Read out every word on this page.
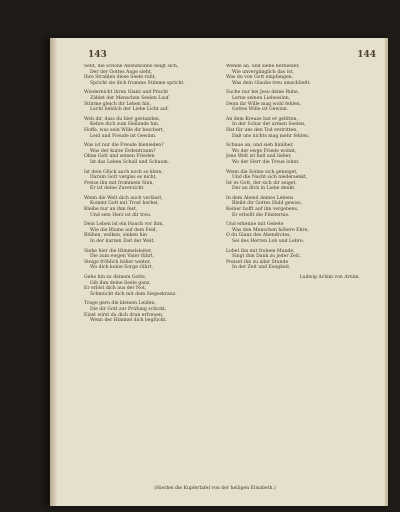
143	144
Seht, die schöne Abendsonne neigt sich,
Der der Gottes Auge sieht,
Ihre Strahlen diese Seele ruht,
Spricht sie dich fromme Stimme spricht.
Wiedernicht ihren Glanz und Pracht
Zählet der Menschen Seelen Lauf
Stürme gleich ihr Leben hin,
Lacht lieblich der Liebe Licht auf.
Weh dir, dass du hier gestanden,
Kehre dich zum Heilande hin,
Hoffe, was sein Wille dir beschert,
Leid und Freude ist Gewinn.
Was ist nur die Freude hienieden?
Was der kurze Erdentraum?
Ohne Gott und seinen Frieden
Ist das Leben Schall und Schaum.
Ist dein Glück auch noch so klein,
Darum Gott vergiss es nicht,
Preise ihn mit frommem Sinn,
Er ist deine Zuversicht.
Wenn die Welt dich auch verlässt,
Kommt Gott mit Trost herbei,
Bleibe nur an ihm fest,
Und sein Herz ist dir treu.
Dein Leben ist ein Hauch vor ihm,
Wie die Blume auf dem Feld,
Blühen, welken, sinken hin
In der kurzen Zeit der Welt.
Siehe hier die Himmelsleiter,
Die zum ewgen Vater führt,
Steige fröhlich höher weiter,
Wo dich keine Sorge rührt.
Gehe hin zu deinem Gotte,
Gib ihm deine Seele ganz,
Er erlöst dich aus der Not,
Schmückt dich mit dem Siegeskranz.
Trage gern die kleinen Leiden,
Die dir Gott zur Prüfung schickt,
Einst wirst du dich dran erfreuen,
Wenn der Himmel dich beglückt.
Wende an, und siehe hernieder,
Wie unvergänglich das ist,
Was du von Gott empfangen,
Was dein Glaube treu umschließt.
Suche nur bei Jesu deine Ruhe,
Lerne seinen Liebessinn,
Denn ihr Wille mag wohl fehlen,
Gottes Wille ist Gewinn.
An dem Kreuze hat er gelitten,
In der Schar der armen Seelen,
Hat für uns den Tod erstritten,
Daß uns nichts mag mehr fehlen.
Schaue an, und sieh hinüber,
Wo der ewge Friede wohnt,
Jene Welt ist hell und lieber,
Wo der Herr die Treue lohnt.
Wenn die Sonne sich geneiget,
Und die Nacht sich niedersenkt,
Ist es Gott, der sich dir zeiget,
Der an dich in Liebe denkt.
In dem Abend deines Lebens
Bleibt dir Gottes Huld gewiss,
Keiner hofft auf ihn vergebens,
Er erhellt die Finsternis.
Und erkenne mit Gebete
Was den Menschen höhere Ehre,
O du Glanz des Abendrotes,
Sei des Herren Lob und Lehre.
Lobet ihn mit frohem Munde,
Singt ihm Dank zu jeder Zeit,
Preiset ihn zu aller Stunde
In der Zeit und Ewigkeit.
Ludwig Achim von Arnim.
(Hierbei die Kupfertafel von der heiligen Elisabeth.)
